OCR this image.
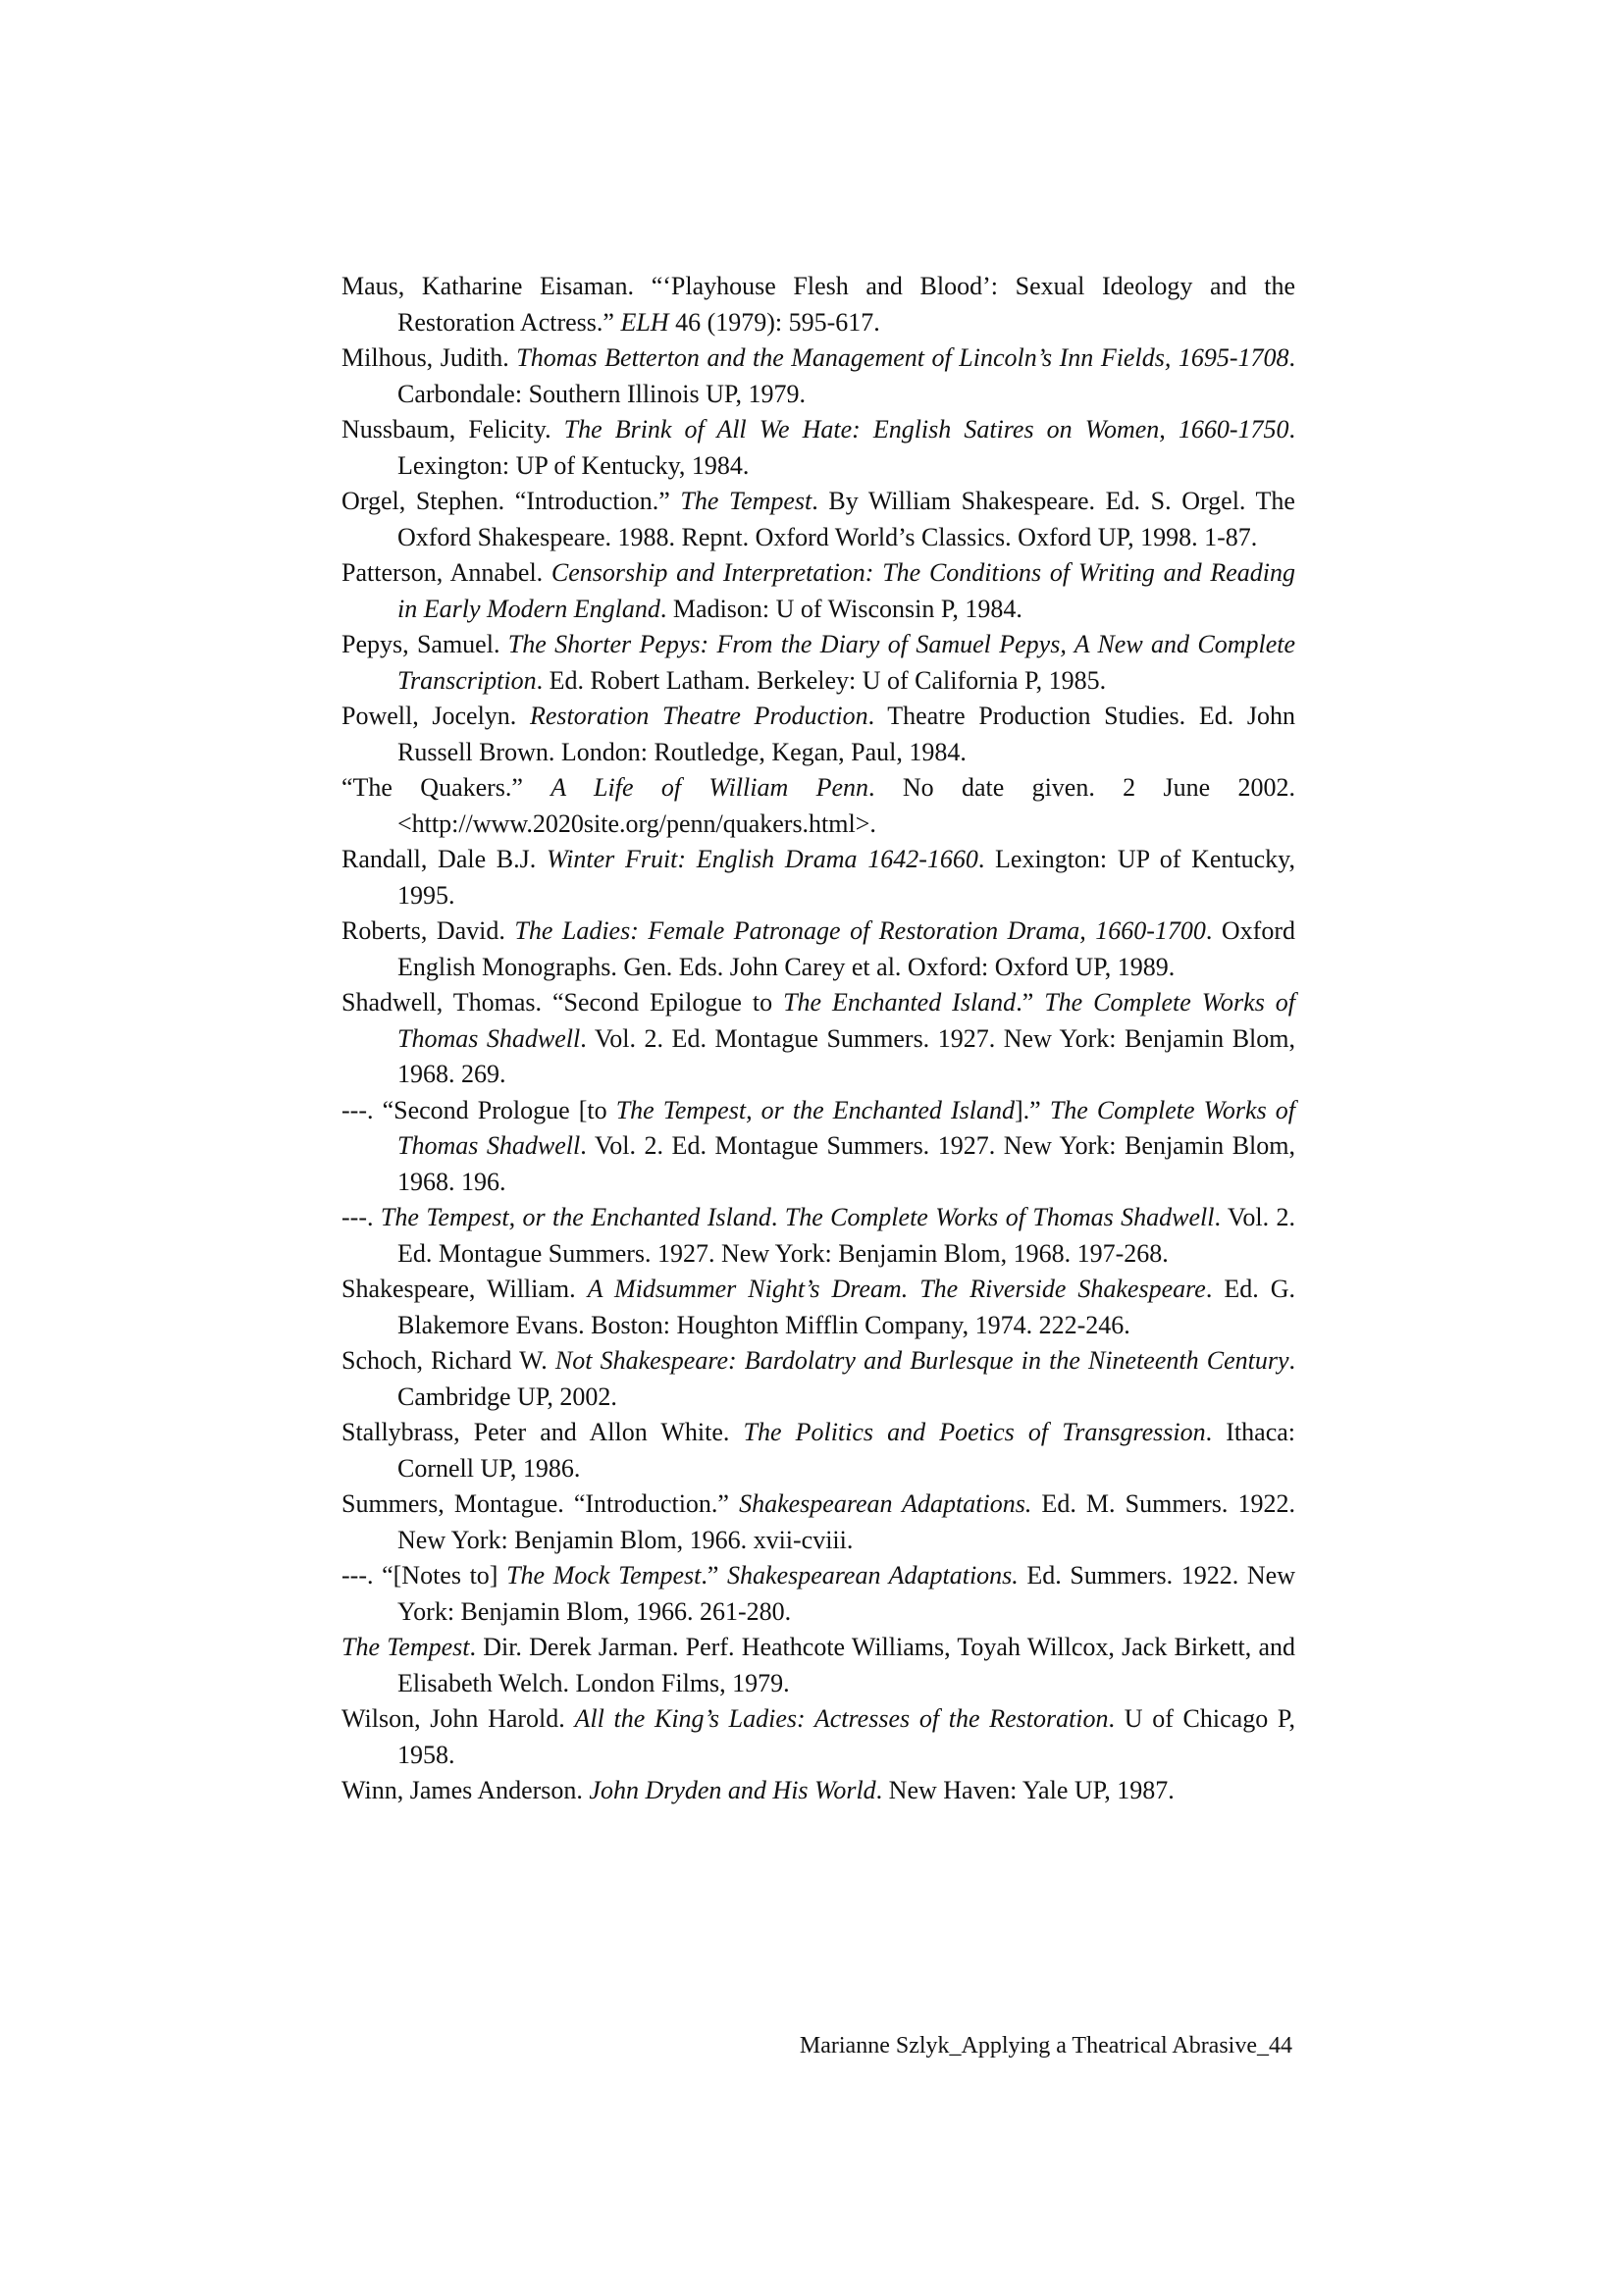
Maus, Katharine Eisaman. “‘Playhouse Flesh and Blood’: Sexual Ideology and the Restoration Actress.” ELH 46 (1979): 595-617.
Milhous, Judith. Thomas Betterton and the Management of Lincoln’s Inn Fields, 1695-1708. Carbondale: Southern Illinois UP, 1979.
Nussbaum, Felicity. The Brink of All We Hate: English Satires on Women, 1660-1750. Lexington: UP of Kentucky, 1984.
Orgel, Stephen. “Introduction.” The Tempest. By William Shakespeare. Ed. S. Orgel. The Oxford Shakespeare. 1988. Repnt. Oxford World’s Classics. Oxford UP, 1998. 1-87.
Patterson, Annabel. Censorship and Interpretation: The Conditions of Writing and Reading in Early Modern England. Madison: U of Wisconsin P, 1984.
Pepys, Samuel. The Shorter Pepys: From the Diary of Samuel Pepys, A New and Complete Transcription. Ed. Robert Latham. Berkeley: U of California P, 1985.
Powell, Jocelyn. Restoration Theatre Production. Theatre Production Studies. Ed. John Russell Brown. London: Routledge, Kegan, Paul, 1984.
“The Quakers.” A Life of William Penn. No date given. 2 June 2002. <http://www.2020site.org/penn/quakers.html>.
Randall, Dale B.J. Winter Fruit: English Drama 1642-1660. Lexington: UP of Kentucky, 1995.
Roberts, David. The Ladies: Female Patronage of Restoration Drama, 1660-1700. Oxford English Monographs. Gen. Eds. John Carey et al. Oxford: Oxford UP, 1989.
Shadwell, Thomas. “Second Epilogue to The Enchanted Island.” The Complete Works of Thomas Shadwell. Vol. 2. Ed. Montague Summers. 1927. New York: Benjamin Blom, 1968. 269.
---. “Second Prologue [to The Tempest, or the Enchanted Island].” The Complete Works of Thomas Shadwell. Vol. 2. Ed. Montague Summers. 1927. New York: Benjamin Blom, 1968. 196.
---. The Tempest, or the Enchanted Island. The Complete Works of Thomas Shadwell. Vol. 2. Ed. Montague Summers. 1927. New York: Benjamin Blom, 1968. 197-268.
Shakespeare, William. A Midsummer Night’s Dream. The Riverside Shakespeare. Ed. G. Blakemore Evans. Boston: Houghton Mifflin Company, 1974. 222-246.
Schoch, Richard W. Not Shakespeare: Bardolatry and Burlesque in the Nineteenth Century. Cambridge UP, 2002.
Stallybrass, Peter and Allon White. The Politics and Poetics of Transgression. Ithaca: Cornell UP, 1986.
Summers, Montague. “Introduction.” Shakespearean Adaptations. Ed. M. Summers. 1922. New York: Benjamin Blom, 1966. xvii-cviii.
---. “[Notes to] The Mock Tempest.” Shakespearean Adaptations. Ed. Summers. 1922. New York: Benjamin Blom, 1966. 261-280.
The Tempest. Dir. Derek Jarman. Perf. Heathcote Williams, Toyah Willcox, Jack Birkett, and Elisabeth Welch. London Films, 1979.
Wilson, John Harold. All the King’s Ladies: Actresses of the Restoration. U of Chicago P, 1958.
Winn, James Anderson. John Dryden and His World. New Haven: Yale UP, 1987.
Marianne Szlyk_Applying a Theatrical Abrasive_44
